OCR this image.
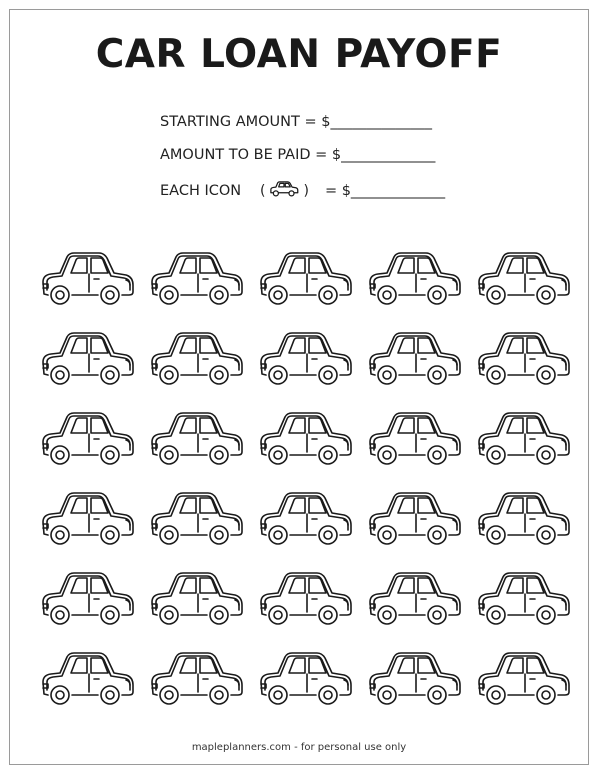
CAR LOAN PAYOFF
STARTING AMOUNT = $______________
AMOUNT TO BE PAID = $_____________
EACH ICON (	) = $_____________
mapleplanners.com - for personal use only
